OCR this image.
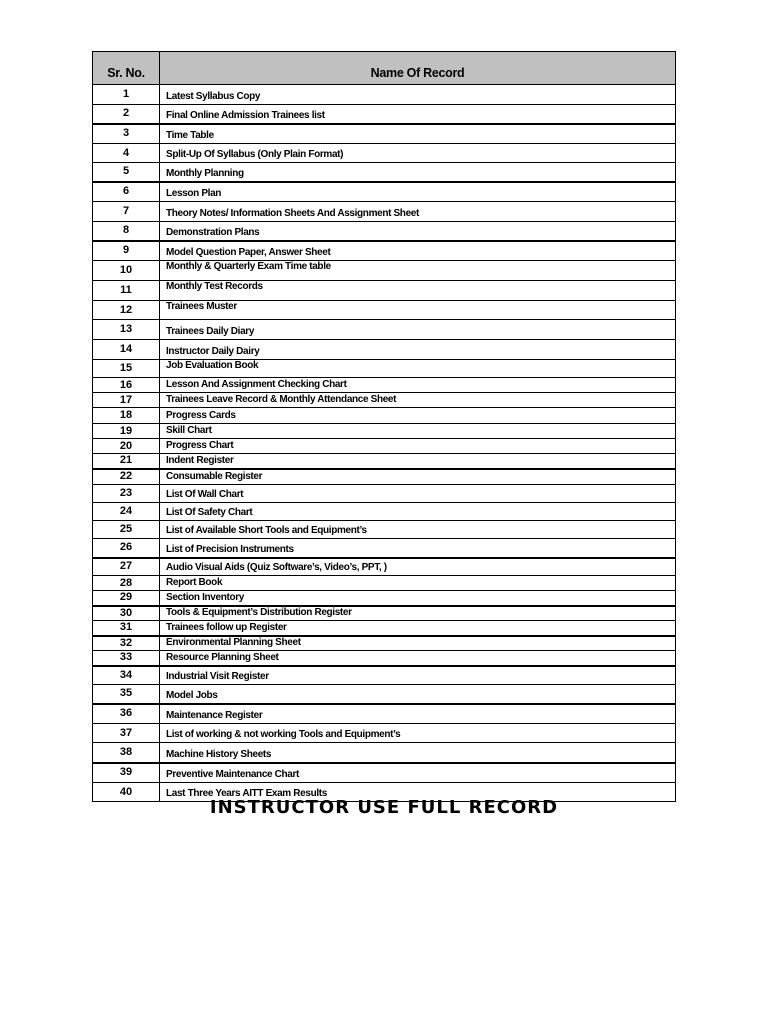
Sr. No.	Name Of Record
1	Latest Syllabus Copy
2	Final Online Admission Trainees list
3	Time Table
4	Split-Up Of Syllabus (Only Plain Format)
5	Monthly Planning
6	Lesson Plan
7	Theory Notes/ Information Sheets And Assignment Sheet
8	Demonstration Plans
9	Model Question Paper, Answer Sheet
10	Monthly & Quarterly Exam Time table
11	Monthly Test Records
12	Trainees Muster
13	Trainees Daily Diary
14	Instructor Daily Dairy
15	Job Evaluation Book
16	Lesson And Assignment Checking Chart
17	Trainees Leave Record & Monthly Attendance Sheet
18	Progress Cards
19	Skill Chart
20	Progress Chart
21	Indent Register
22	Consumable Register
23	List Of Wall Chart
24	List Of Safety Chart
25	List of Available Short Tools and Equipment’s
26	List of Precision Instruments
27	Audio Visual Aids (Quiz Software’s, Video’s, PPT, )
28	Report Book
29	Section Inventory
30	Tools & Equipment’s Distribution Register
31	Trainees follow up Register
32	Environmental Planning Sheet
33	Resource Planning Sheet
34	Industrial Visit Register
35	Model Jobs
36	Maintenance Register
37	List of working & not working Tools and Equipment’s
38	Machine History Sheets
39	Preventive Maintenance Chart
40	Last Three Years AITT Exam Results
INSTRUCTOR USE FULL RECORD
